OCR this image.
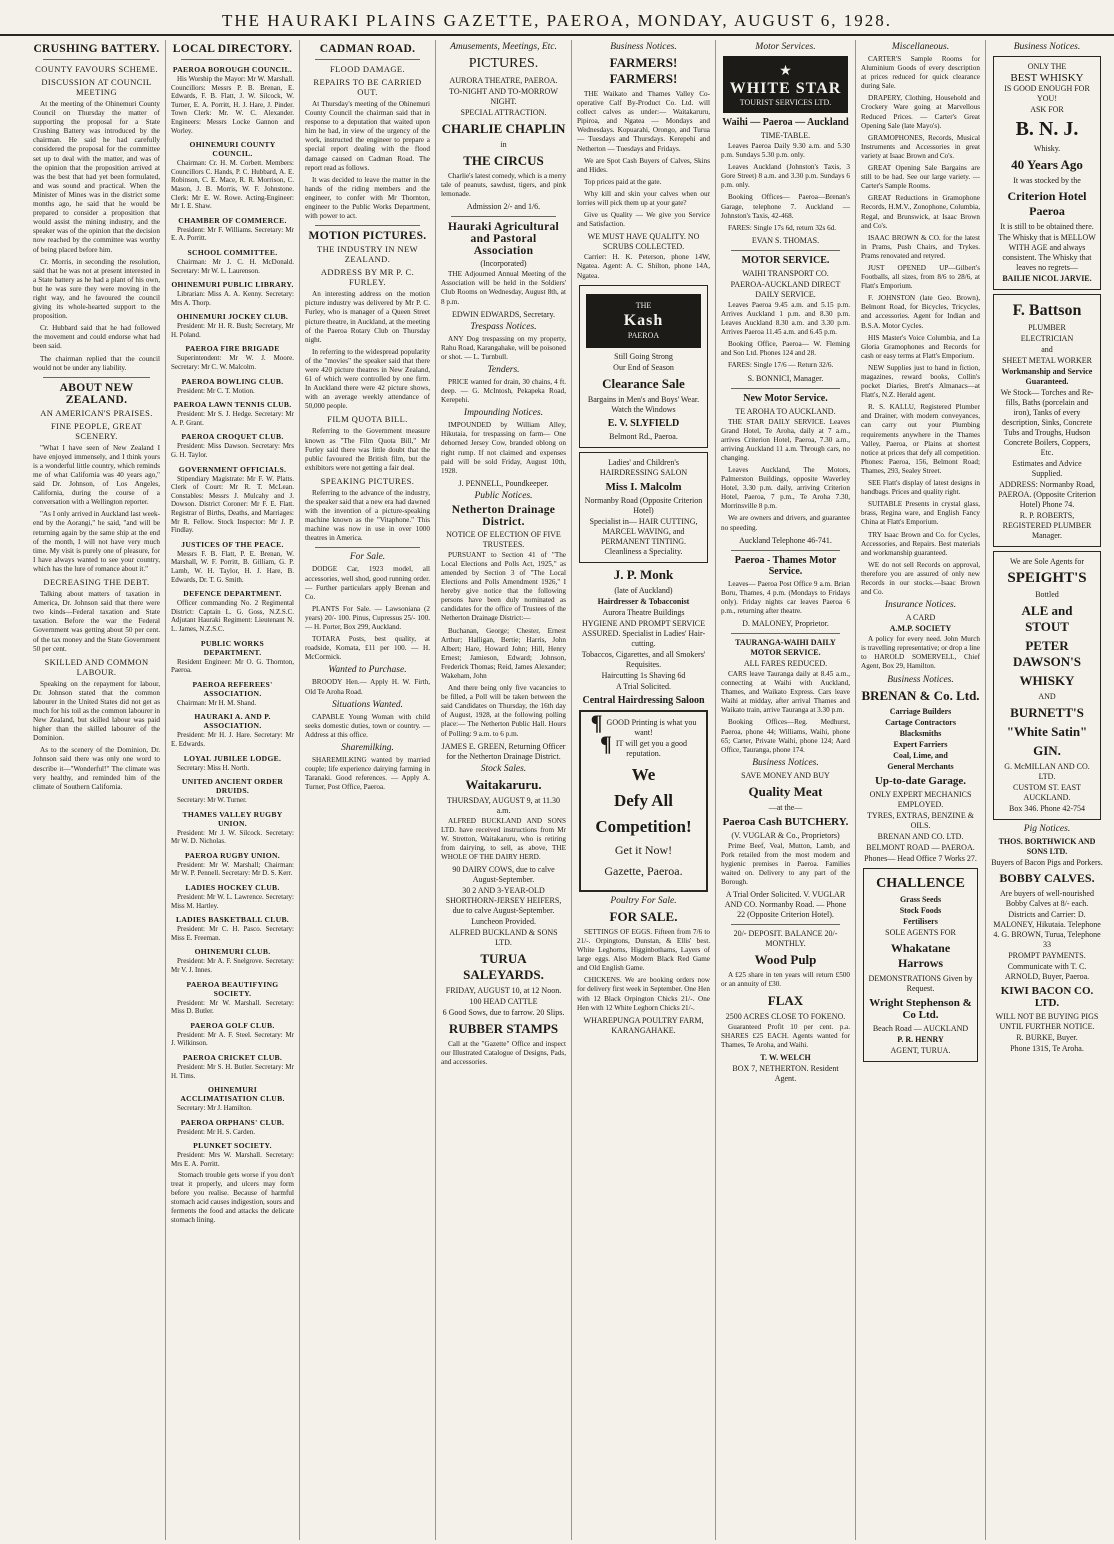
THE HAURAKI PLAINS GAZETTE, PAEROA, MONDAY, AUGUST 6, 1928.
CRUSHING BATTERY.
COUNTY FAVOURS SCHEME.
DISCUSSION AT COUNCIL MEETING

At the meeting of the Ohinemuri County Council on Thursday the matter of supporting the proposal for a State Crushing Battery was introduced by the chairman. He said he had carefully considered the proposal for the committee set up to deal with the matter, and was of the opinion that the proposition arrived at was the best that had yet been formulated, and was sound and practical. When the Minister of Mines was in the district some months ago, he said that he would be prepared to consider a proposition that would assist the mining industry, and the speaker was of the opinion that the decision now reached by the committee was worthy of being placed before him.

Cr. Morris, in seconding the resolution, said that he was not at present interested in a State battery as he had a plant of his own, but he was sure they were moving in the right way, and he favoured the council giving its whole-hearted support to the proposition.

Cr. Hubbard said that he had followed the movement and could endorse what had been said.

The chairman replied that the council would not be under any liability.

ABOUT NEW ZEALAND.
AN AMERICAN'S PRAISES.
FINE PEOPLE, GREAT SCENERY.

"What I have seen of New Zealand I have enjoyed immensely, and I think yours is a wonderful little country, which reminds me of what California was 40 years ago," said Dr. Johnson, of Los Angeles, California, during the course of a conversation with a Wellington reporter.

"As I only arrived in Auckland last week-end by the Aorangi," he said, "and will be returning again by the same ship at the end of the month, I will not have very much time. My visit is purely one of pleasure, for I have always wanted to see your country, which has the lure of romance about it."

DECREASING THE DEBT.

Talking about matters of taxation in America, Dr. Johnson said that there were two kinds—Federal taxation and State taxation. Before the war the Federal Government was getting about 50 per cent. of the tax money and the State Government 50 per cent.

SKILLED AND COMMON LABOUR.

Speaking on the repayment for labour, Dr. Johnson stated that the common labourer in the United States did not get as much for his toil as the common labourer in New Zealand, but skilled labour was paid higher than the skilled labourer of the Dominion.

As to the scenery of the Dominion, Dr. Johnson said there was only one word to describe it—"Wonderful!" The climate was very healthy, and reminded him of the climate of Southern California.

LOCAL DIRECTORY.
PAEROA BOROUGH COUNCIL.
His Worship the Mayor: Mr W. Marshall. Councillors: Messrs P. B. Brenan, E. Edwards, F. B. Flatt, J. W. Silcock, W. Turner, E. A. Porritt, H. J. Hare, J. Pinder. Town Clerk: Mr. W. C. Alexander. Engineers: Messrs Locke Gannon and Worley.
OHINEMURI COUNTY COUNCIL.
Chairman: Cr. H. M. Corbett. Members: Councillors C. Hands, P. C. Hubbard, A. E. Robinson, C. E. Mace, R. R. Morrison, C. Mason, J. B. Morris, W. F. Johnstone. Clerk: Mr E. W. Rowe. Acting-Engineer: Mr I. E. Shaw.
CHAMBER OF COMMERCE.
President: Mr F. Williams. Secretary: Mr E. A. Porritt.
SCHOOL COMMITTEE.
Chairman: Mr J. C. H. McDonald. Secretary: Mr W. L. Laurenson.
OHINEMURI PUBLIC LIBRARY.
Librarian: Miss A. A. Kenny. Secretary: Mrs A. Thorp.
OHINEMURI JOCKEY CLUB.
President: Mr H. R. Bush; Secretary, Mr H. Poland.
PAEROA FIRE BRIGADE
Superintendent: Mr W. J. Moore. Secretary: Mr C. W. Malcolm.
PAEROA BOWLING CLUB.
President: Mr C. T. Motion.
PAEROA LAWN TENNIS CLUB.
President: Mr S. J. Hedge. Secretary: Mr A. P. Grant.
PAEROA CROQUET CLUB.
President: Miss Dawson. Secretary: Mrs G. H. Taylor.
GOVERNMENT OFFICIALS.
Stipendiary Magistrate: Mr F. W. Platts. Clerk of Court: Mr R. T. McLean. Constables: Messrs J. Mulcahy and J. Dowson. District Coroner: Mr F. E. Flatt. Registrar of Births, Deaths, and Marriages: Mr R. Fellow. Stock Inspector: Mr J. P. Findlay.
JUSTICES OF THE PEACE.
Messrs F. B. Flatt, P. E. Brenan, W. Marshall, W. F. Porritt, B. Gilliam, G. P. Lamb, W. H. Taylor, H. J. Hare, B. Edwards, Dr. T. G. Smith.
DEFENCE DEPARTMENT.
Officer commanding No. 2 Regimental District: Captain L. G. Goss, N.Z.S.C. Adjutant Hauraki Regiment: Lieutenant N. L. James, N.Z.S.C.
PUBLIC WORKS DEPARTMENT.
Resident Engineer: Mr O. G. Thornton, Paeroa.
PAEROA REFEREES' ASSOCIATION.
Chairman: Mr H. M. Shand.
HAURAKI A. AND P. ASSOCIATION.
President: Mr H. J. Hare. Secretary: Mr E. Edwards.
LOYAL JUBILEE LODGE.
Secretary: Miss H. North.
UNITED ANCIENT ORDER DRUIDS.
Secretary: Mr W. Turner.
THAMES VALLEY RUGBY UNION.
President: Mr J. W. Silcock. Secretary: Mr W. D. Nicholas.
PAEROA RUGBY UNION.
President: Mr W. Marshall; Chairman: Mr W. P. Pennell. Secretary: Mr D. S. Kerr.
LADIES HOCKEY CLUB.
President: Mr W. L. Lawrence. Secretary: Miss M. Hartley.
LADIES BASKETBALL CLUB.
President: Mr C. H. Pasco. Secretary: Miss E. Freeman.
OHINEMURI CLUB.
President: Mr A. F. Snelgrove. Secretary: Mr V. J. Innes.
PAEROA BEAUTIFYING SOCIETY.
President: Mr W. Marshall. Secretary: Miss D. Butler.
PAEROA GOLF CLUB.
President: Mr A. F. Steel. Secretary: Mr J. Wilkinson.
PAEROA CRICKET CLUB.
President: Mr S. H. Butler. Secretary: Mr H. Tims.
OHINEMURI ACCLIMATISATION CLUB.
Secretary: Mr J. Hamilton.
PAEROA ORPHANS' CLUB.
President: Mr H. S. Carden.
PLUNKET SOCIETY.
President: Mrs W. Marshall. Secretary: Mrs E. A. Porritt.

Stomach trouble gets worse if you don't treat it properly, and ulcers may form before you realise. Because of harmful stomach acid causes indigestion, sours and ferments the food and attacks the delicate stomach lining.

CADMAN ROAD.
FLOOD DAMAGE.
REPAIRS TO BE CARRIED OUT.

At Thursday's meeting of the Ohinemuri County Council the chairman said that in response to a deputation that waited upon him he had, in view of the urgency of the work, instructed the engineer to prepare a special report dealing with the flood damage caused on Cadman Road. The report read as follows.

It was decided to leave the matter in the hands of the riding members and the engineer, to confer with Mr Thornton, engineer to the Public Works Department, with power to act.

MOTION PICTURES.
THE INDUSTRY IN NEW ZEALAND.
ADDRESS BY MR P. C. FURLEY.

An interesting address on the motion picture industry was delivered by Mr P. C. Furley, who is manager of a Queen Street picture theatre, in Auckland, at the meeting of the Paeroa Rotary Club on Thursday night.

In referring to the widespread popularity of the "movies" the speaker said that there were 420 picture theatres in New Zealand, 61 of which were controlled by one firm. In Auckland there were 42 picture shows, with an average weekly attendance of 50,000 people.

FILM QUOTA BILL.

Referring to the Government measure known as "The Film Quota Bill," Mr Furley said there was little doubt that the public favoured the British film, but the exhibitors were not getting a fair deal.

SPEAKING PICTURES.

Referring to the advance of the industry, the speaker said that a new era had dawned with the invention of a picture-speaking machine known as the "Vitaphone." This machine was now in use in over 1000 theatres in America.

For Sale.

DODGE Car, 1923 model, all accessories, well shod, good running order. — Further particulars apply Brenan and Co.

PLANTS For Sale. — Lawsoniana (2 years) 20/- 100. Pinus, Cupressus 25/- 100. — H. Porter, Box 299, Auckland.

TOTARA Posts, best quality, at roadside, Komata, £11 per 100. — H. McCormick.

Wanted to Purchase.

BROODY Hen.— Apply H. W. Firth, Old Te Aroha Road.

Situations Wanted.

CAPABLE Young Woman with child seeks domestic duties, town or country. — Address at this office.

Sharemilking.

SHAREMILKING wanted by married couple; life experience dairying farming in Taranaki. Good references. — Apply A. Turner, Post Office, Paeroa.

Amusements, Meetings, Etc.
PICTURES.
AURORA THEATRE, PAEROA.
TO-NIGHT AND TO-MORROW NIGHT.
SPECIAL ATTRACTION.
CHARLIE CHAPLIN
in
THE CIRCUS

Charlie's latest comedy, which is a merry tale of peanuts, sawdust, tigers, and pink lemonade.

Admission 2/- and 1/6.
Hauraki Agricultural and Pastoral Association
(Incorporated)

THE Adjourned Annual Meeting of the Association will be held in the Soldiers' Club Rooms on Wednesday, August 8th, at 8 p.m.

EDWIN EDWARDS, Secretary.
Trespass Notices.

ANY Dog trespassing on my property, Rahu Road, Karangahake, will be poisoned or shot. — L. Turnbull.

Tenders.

PRICE wanted for drain, 30 chains, 4 ft. deep. — G. McIntosh, Pekapeka Road, Kerepehi.

Impounding Notices.

IMPOUNDED by William Alley, Hikutaia, for trespassing on farm— One dehorned Jersey Cow, branded oblong on right rump. If not claimed and expenses paid will be sold Friday, August 10th, 1928.

J. PENNELL, Poundkeeper.
Public Notices.
Netherton Drainage District.
NOTICE OF ELECTION OF FIVE TRUSTEES.

PURSUANT to Section 41 of "The Local Elections and Polls Act, 1925," as amended by Section 3 of "The Local Elections and Polls Amendment 1926," I hereby give notice that the following persons have been duly nominated as candidates for the office of Trustees of the Netherton Drainage District:—

Buchanan, George; Chester, Ernest Arthur; Halligan, Bertie; Harris, John Albert; Hare, Howard John; Hill, Henry Ernest; Jamieson, Edward; Johnson, Frederick Thomas; Reid, James Alexander; Wakeham, John

And there being only five vacancies to be filled, a Poll will be taken between the said Candidates on Thursday, the 16th day of August, 1928, at the following polling place:— The Netherton Public Hall. Hours of Polling: 9 a.m. to 6 p.m.

JAMES E. GREEN, Returning Officer for the Netherton Drainage District.
Stock Sales.
Waitakaruru.
THURSDAY, AUGUST 9, at 11.30 a.m.

ALFRED BUCKLAND AND SONS LTD. have received instructions from Mr W. Stretton, Waitakaruru, who is retiring from dairying, to sell, as above, THE WHOLE OF THE DAIRY HERD.

90 DAIRY COWS, due to calve August-September.
30 2 AND 3-YEAR-OLD SHORTHORN-JERSEY HEIFERS, due to calve August-September.
Luncheon Provided.
ALFRED BUCKLAND & SONS LTD.
TURUA SALEYARDS.
FRIDAY, AUGUST 10, at 12 Noon.
100 HEAD CATTLE
6 Good Sows, due to farrow. 20 Slips.
RUBBER STAMPS

Call at the "Gazette" Office and inspect our Illustrated Catalogue of Designs, Pads, and accessories.

Business Notices.
FARMERS! FARMERS!

THE Waikato and Thames Valley Co-operative Calf By-Product Co. Ltd. will collect calves as under:— Waitakaruru, Pipiroa, and Ngatea — Mondays and Wednesdays. Kopuarahi, Orongo, and Turua — Tuesdays and Thursdays. Kerepehi and Netherton — Tuesdays and Fridays.

We are Spot Cash Buyers of Calves, Skins and Hides.

Top prices paid at the gate.

Why kill and skin your calves when our lorries will pick them up at your gate?

Give us Quality — We give you Service and Satisfaction.

WE MUST HAVE QUALITY. NO SCRUBS COLLECTED.

Carrier: H. K. Peterson, phone 14W, Ngatea. Agent: A. C. Shilton, phone 14A, Ngatea.

THE
Kash
PAEROA
Still Going Strong
Our End of Season
Clearance Sale
Bargains in Men's and Boys' Wear. Watch the Windows
E. V. SLYFIELD
Belmont Rd., Paeroa.
Ladies' and Children's HAIRDRESSING SALON
Miss I. Malcolm
Normanby Road (Opposite Criterion Hotel)
Specialist in— HAIR CUTTING, MARCEL WAVING, and PERMANENT TINTING. Cleanliness a Speciality.
J. P. Monk
(late of Auckland)
Hairdresser & Tobacconist
Aurora Theatre Buildings
HYGIENE AND PROMPT SERVICE ASSURED. Specialist in Ladies' Hair-cutting.
Tobaccos, Cigarettes, and all Smokers' Requisites.
Haircutting 1s Shaving 6d
A Trial Solicited.
Central Hairdressing Saloon
¶ GOOD Printing is what you want!
¶ IT will get you a good reputation.
We
Defy All
Competition!
Get it Now!
Gazette, Paeroa.
Poultry For Sale.
FOR SALE.

SETTINGS OF EGGS. Fifteen from 7/6 to 21/-. Orpingtons, Dunstan, & Ellis' best. White Leghorns, Higginbothams, Layers of large eggs. Also Modern Black Red Game and Old English Game.

CHICKENS. We are booking orders now for delivery first week in September. One Hen with 12 Black Orpington Chicks 21/-. One Hen with 12 White Leghorn Chicks 21/-.

WHAREPUNGA POULTRY FARM, KARANGAHAKE.
Motor Services.
★
WHITE STAR
TOURIST SERVICES LTD.
Waihi — Paeroa — Auckland
TIME-TABLE.

Leaves Paeroa Daily 9.30 a.m. and 5.30 p.m. Sundays 5.30 p.m. only.

Leaves Auckland (Johnston's Taxis, 3 Gore Street) 8 a.m. and 3.30 p.m. Sundays 6 p.m. only.

Booking Offices— Paeroa—Brenan's Garage, telephone 7. Auckland — Johnston's Taxis, 42-468.

FARES: Single 17s 6d, return 32s 6d.

EVAN S. THOMAS.
MOTOR SERVICE.
WAIHI TRANSPORT CO.
PAEROA-AUCKLAND DIRECT DAILY SERVICE.

Leaves Paeroa 9.45 a.m. and 5.15 p.m. Arrives Auckland 1 p.m. and 8.30 p.m. Leaves Auckland 8.30 a.m. and 3.30 p.m. Arrives Paeroa 11.45 a.m. and 6.45 p.m.

Booking Office, Paeroa— W. Fleming and Son Ltd. Phones 124 and 28.

FARES: Single 17/6 — Return 32/6.

S. BONNICI, Manager.
New Motor Service.
TE AROHA TO AUCKLAND.

THE STAR DAILY SERVICE. Leaves Grand Hotel, Te Aroha, daily at 7 a.m., arrives Criterion Hotel, Paeroa, 7.30 a.m., arriving Auckland 11 a.m. Through cars, no changing.

Leaves Auckland, The Motors, Palmerston Buildings, opposite Waverley Hotel, 3.30 p.m. daily, arriving Criterion Hotel, Paeroa, 7 p.m., Te Aroha 7.30, Morrinsville 8 p.m.

We are owners and drivers, and guarantee no speeding.

Auckland Telephone 46-741.
Paeroa - Thames Motor Service.

Leaves— Paeroa Post Office 9 a.m. Brian Boru, Thames, 4 p.m. (Mondays to Fridays only). Friday nights car leaves Paeroa 6 p.m., returning after theatre.

D. MALONEY, Proprietor.
TAURANGA-WAIHI DAILY MOTOR SERVICE.
ALL FARES REDUCED.

CARS leave Tauranga daily at 8.45 a.m., connecting at Waihi with Auckland, Thames, and Waikato Express. Cars leave Waihi at midday, after arrival Thames and Waikato train, arrive Tauranga at 3.30 p.m.

Booking Offices—Reg. Medhurst, Paeroa, phone 44; Williams, Waihi, phone 65; Carter, Private Waihi, phone 124; Aard Office, Tauranga, phone 174.

Business Notices.
SAVE MONEY AND BUY
Quality Meat
—at the—
Paeroa Cash BUTCHERY.
(V. VUGLAR & Co., Proprietors)

Prime Beef, Veal, Mutton, Lamb, and Pork retailed from the most modern and hygienic premises in Paeroa. Families waited on. Delivery to any part of the Borough.

A Trial Order Solicited. V. VUGLAR AND CO. Normanby Road. — Phone 22 (Opposite Criterion Hotel).
20/- DEPOSIT. BALANCE 20/- MONTHLY.
Wood Pulp

A £25 share in ten years will return £500 or an annuity of £30.

FLAX
2500 ACRES CLOSE TO FOKENO.

Guaranteed Profit 10 per cent. p.a. SHARES £25 EACH. Agents wanted for Thames, Te Aroha, and Waihi.

T. W. WELCH
BOX 7, NETHERTON. Resident Agent.
Miscellaneous.

CARTER'S Sample Rooms for Aluminium Goods of every description at prices reduced for quick clearance during Sale.

DRAPERY, Clothing, Household and Crockery Ware going at Marvellous Reduced Prices. — Carter's Great Opening Sale (late Mayo's).

GRAMOPHONES, Records, Musical Instruments and Accessories in great variety at Isaac Brown and Co's.

GREAT Opening Sale Bargains are still to be had. See our large variety. — Carter's Sample Rooms.

GREAT Reductions in Gramophone Records, H.M.V., Zonophone, Columbia, Regal, and Brunswick, at Isaac Brown and Co's.

ISAAC BROWN & CO. for the latest in Prams, Push Chairs, and Trykes. Prams renovated and retyred.

JUST OPENED UP—Gilbert's Footballs, all sizes, from 8/6 to 28/6, at Flatt's Emporium.

F. JOHNSTON (late Geo. Brown), Belmont Road, for Bicycles, Tricycles, and accessories. Agent for Indian and B.S.A. Motor Cycles.

HIS Master's Voice Columbia, and La Gloria Gramophones and Records for cash or easy terms at Flatt's Emporium.

NEW Supplies just to hand in fiction, magazines, reward books, Collin's pocket Diaries, Brett's Almanacs—at Flatt's, N.Z. Herald agent.

R. S. KALLU, Registered Plumber and Drainer, with modern conveyances, can carry out your Plumbing requirements anywhere in the Thames Valley, Paeroa, or Plains at shortest notice at prices that defy all competition. Phones: Paeroa, 156, Belmont Road; Thames, 293, Sealey Street.

SEE Flatt's display of latest designs in handbags. Prices and quality right.

SUITABLE Presents in crystal glass, brass, Regina ware, and English Fancy China at Flatt's Emporium.

TRY Isaac Brown and Co. for Cycles, Accessories, and Repairs. Best materials and workmanship guaranteed.

WE do not sell Records on approval, therefore you are assured of only new Records in our stocks.—Isaac Brown and Co.

Insurance Notices.
A CARD
A.M.P. SOCIETY

A policy for every need. John Murch is travelling representative; or drop a line to HAROLD SOMERVELL, Chief Agent, Box 29, Hamilton.

Business Notices.
BRENAN & Co. Ltd.
Carriage Builders
Cartage Contractors
Blacksmiths
Expert Farriers
Coal, Lime, and
General Merchants
Up-to-date Garage.
ONLY EXPERT MECHANICS EMPLOYED.
TYRES, EXTRAS, BENZINE & OILS.
BRENAN AND CO. LTD.
BELMONT ROAD — PAEROA.
Phones— Head Office 7 Works 27.
CHALLENCE
Grass Seeds
Stock Foods
Fertilisers
SOLE AGENTS FOR
Whakatane Harrows
DEMONSTRATIONS Given by Request.
Wright Stephenson & Co Ltd.
Beach Road — AUCKLAND
P. R. HENRY
AGENT, TURUA.
Business Notices.
ONLY THE
BEST WHISKY
IS GOOD ENOUGH FOR YOU!
ASK FOR
B. N. J.
Whisky.
40 Years Ago
It was stocked by the
Criterion Hotel Paeroa
It is still to be obtained there.
The Whisky that is MELLOW WITH AGE and always consistent. The Whisky that leaves no regrets—
BAILIE NICOL JARVIE.
F. Battson
PLUMBER
ELECTRICIAN
and
SHEET METAL WORKER
Workmanship and Service Guaranteed.
We Stock— Torches and Re-fills, Baths (porcelain and iron), Tanks of every description, Sinks, Concrete Tubs and Troughs, Hudson Concrete Boilers, Coppers, Etc.
Estimates and Advice Supplied.
ADDRESS: Normanby Road, PAEROA. (Opposite Criterion Hotel) Phone 74.
R. P. ROBERTS, REGISTERED PLUMBER Manager.
We are Sole Agents for
SPEIGHT'S
Bottled
ALE and STOUT
PETER DAWSON'S
WHISKY
AND
BURNETT'S
"White Satin"
GIN.
G. McMILLAN AND CO. LTD.
CUSTOM ST. EAST AUCKLAND.
Box 346. Phone 42-754
Pig Notices.
THOS. BORTHWICK AND SONS LTD.
Buyers of Bacon Pigs and Porkers.
BOBBY CALVES.
Are buyers of well-nourished Bobby Calves at 8/- each.
Districts and Carrier: D. MALONEY, Hikutaia. Telephone 4. G. BROWN, Turua, Telephone 33
PROMPT PAYMENTS.
Communicate with T. C. ARNOLD, Buyer, Paeroa.
KIWI BACON CO. LTD.
WILL NOT BE BUYING PIGS UNTIL FURTHER NOTICE.
R. BURKE, Buyer.
Phone 131S, Te Aroha.
